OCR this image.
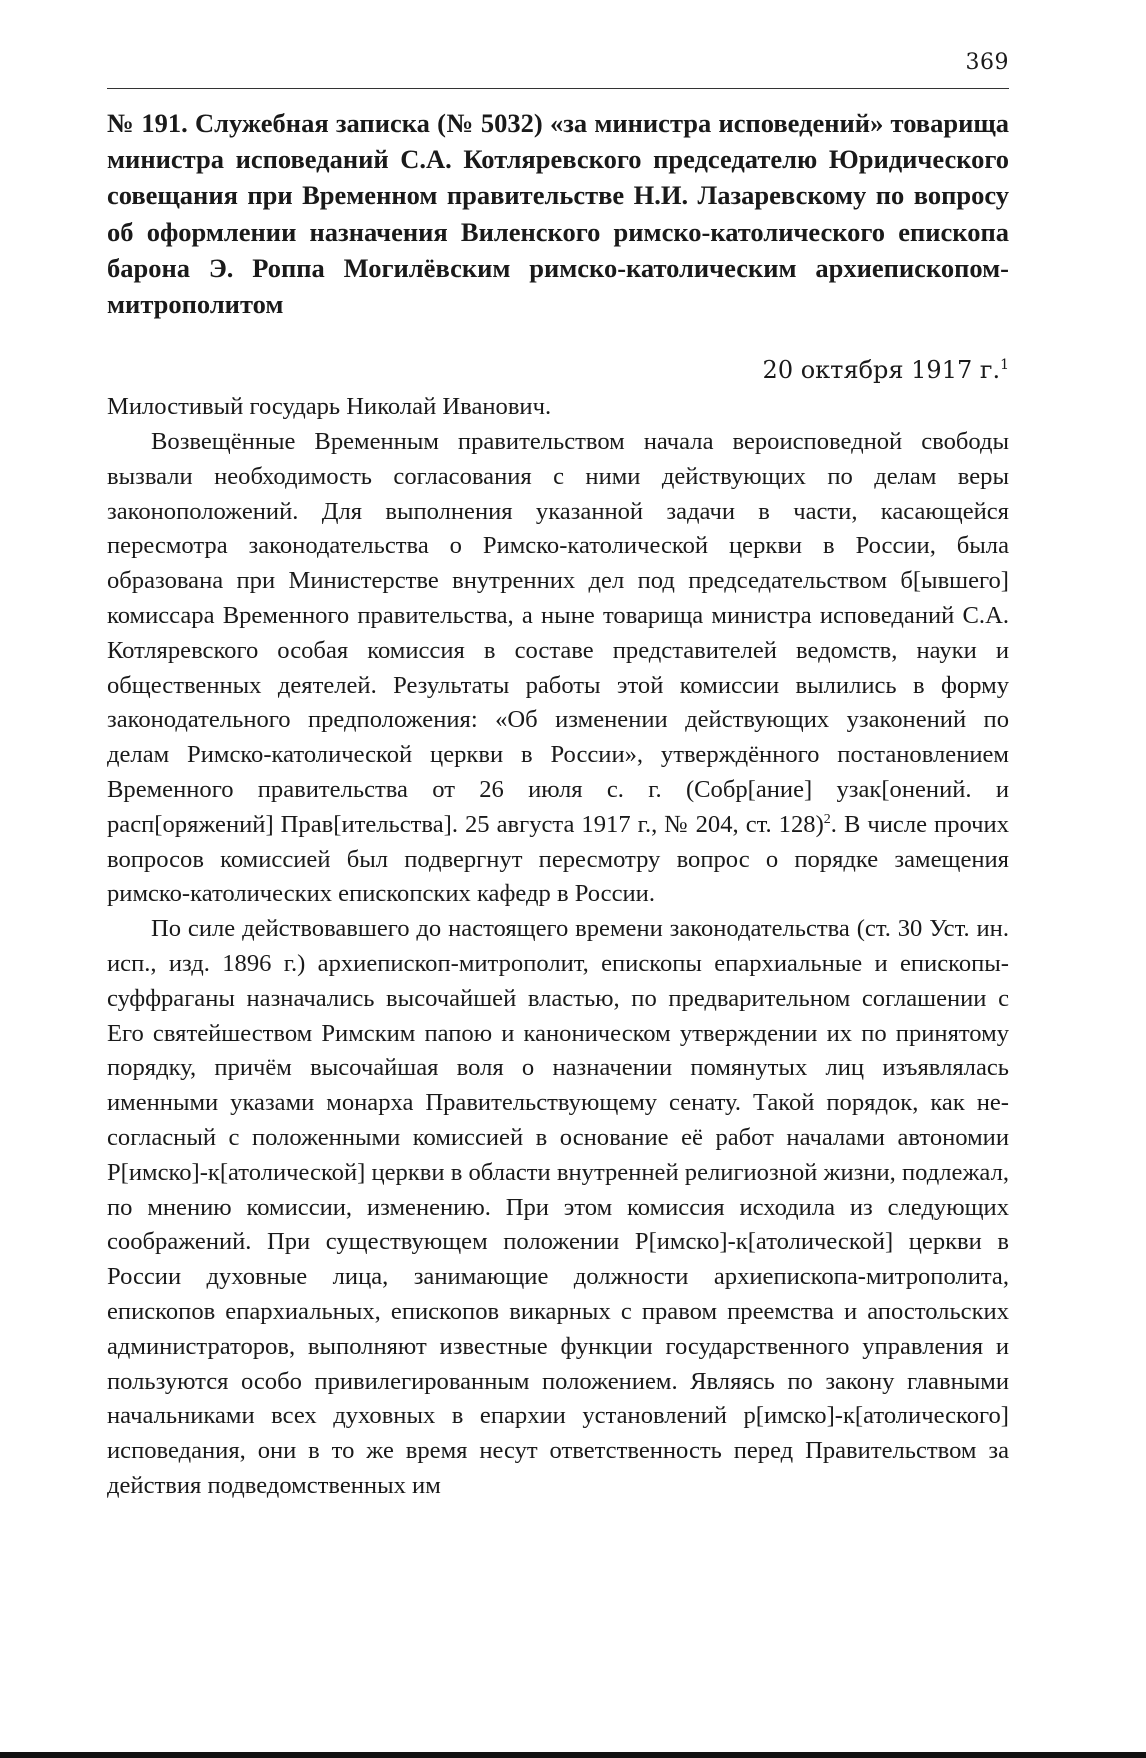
369
№ 191. Служебная записка (№ 5032) «за министра исповедений» товарища министра исповеданий С.А. Котляревского председателю Юридического совещания при Временном правительстве Н.И. Лазаревскому по вопросу об оформлении назначения Виленского римско-католического епископа барона Э. Роппа Могилёвским римско-католическим архиепископом-митрополитом
20 октября 1917 г.$^1$

Милостивый государь Николай Иванович.

Возвещённые Временным правительством начала вероисповедной свободы вызвали необходимость согласования с ними действующих по делам веры законоположений. Для выполнения указанной задачи в части, касающейся пересмотра законодательства о Римско-католической церкви в России, была образована при Министерстве внутренних дел под председательством б[ывшего] комиссара Временного правительства, а ныне товарища министра исповеданий С.А. Котляревского особая комиссия в составе представителей ведомств, науки и общественных деятелей. Результаты работы этой комиссии вылились в форму законодательного предположения: «Об изменении действующих узаконений по делам Римско-католической церкви в России», утверждённого постановлением Временного правительства от 26 июля с. г. (Собр[ание] узак[онений. и расп[оряжений] Прав[ительства]. 25 августа 1917 г., № 204, ст. 128)$^2$. В числе прочих вопросов комиссией был подвергнут пересмотру вопрос о порядке замещения римско-католических епископских кафедр в России.

По силе действовавшего до настоящего времени законодательства (ст. 30 Уст. ин. исп., изд. 1896 г.) архиепископ-митрополит, епископы епархиальные и епископы-суффраганы назначались высочайшей властью, по предварительном соглашении с Его святейшеством Римским папою и каноническом утверждении их по принятому порядку, причём высочайшая воля о назначении помянутых лиц изъявлялась именными указами монарха Правительствующему сенату. Такой порядок, как несогласный с положенными комиссией в основание её работ началами автономии Р[имско]-к[атолической] церкви в области внутренней религиозной жизни, подлежал, по мнению комиссии, изменению. При этом комиссия исходила из следующих соображений. При существующем положении Р[имско]-к[атолической] церкви в России духовные лица, занимающие должности архиепископа-митрополита, епископов епархиальных, епископов викарных с правом преемства и апостольских администраторов, выполняют известные функции государственного управления и пользуются особо привилегированным положением. Являясь по закону главными начальниками всех духовных в епархии установлений р[имско]-к[атолического] исповедания, они в то же время несут ответственность перед Правительством за действия подведомственных им
